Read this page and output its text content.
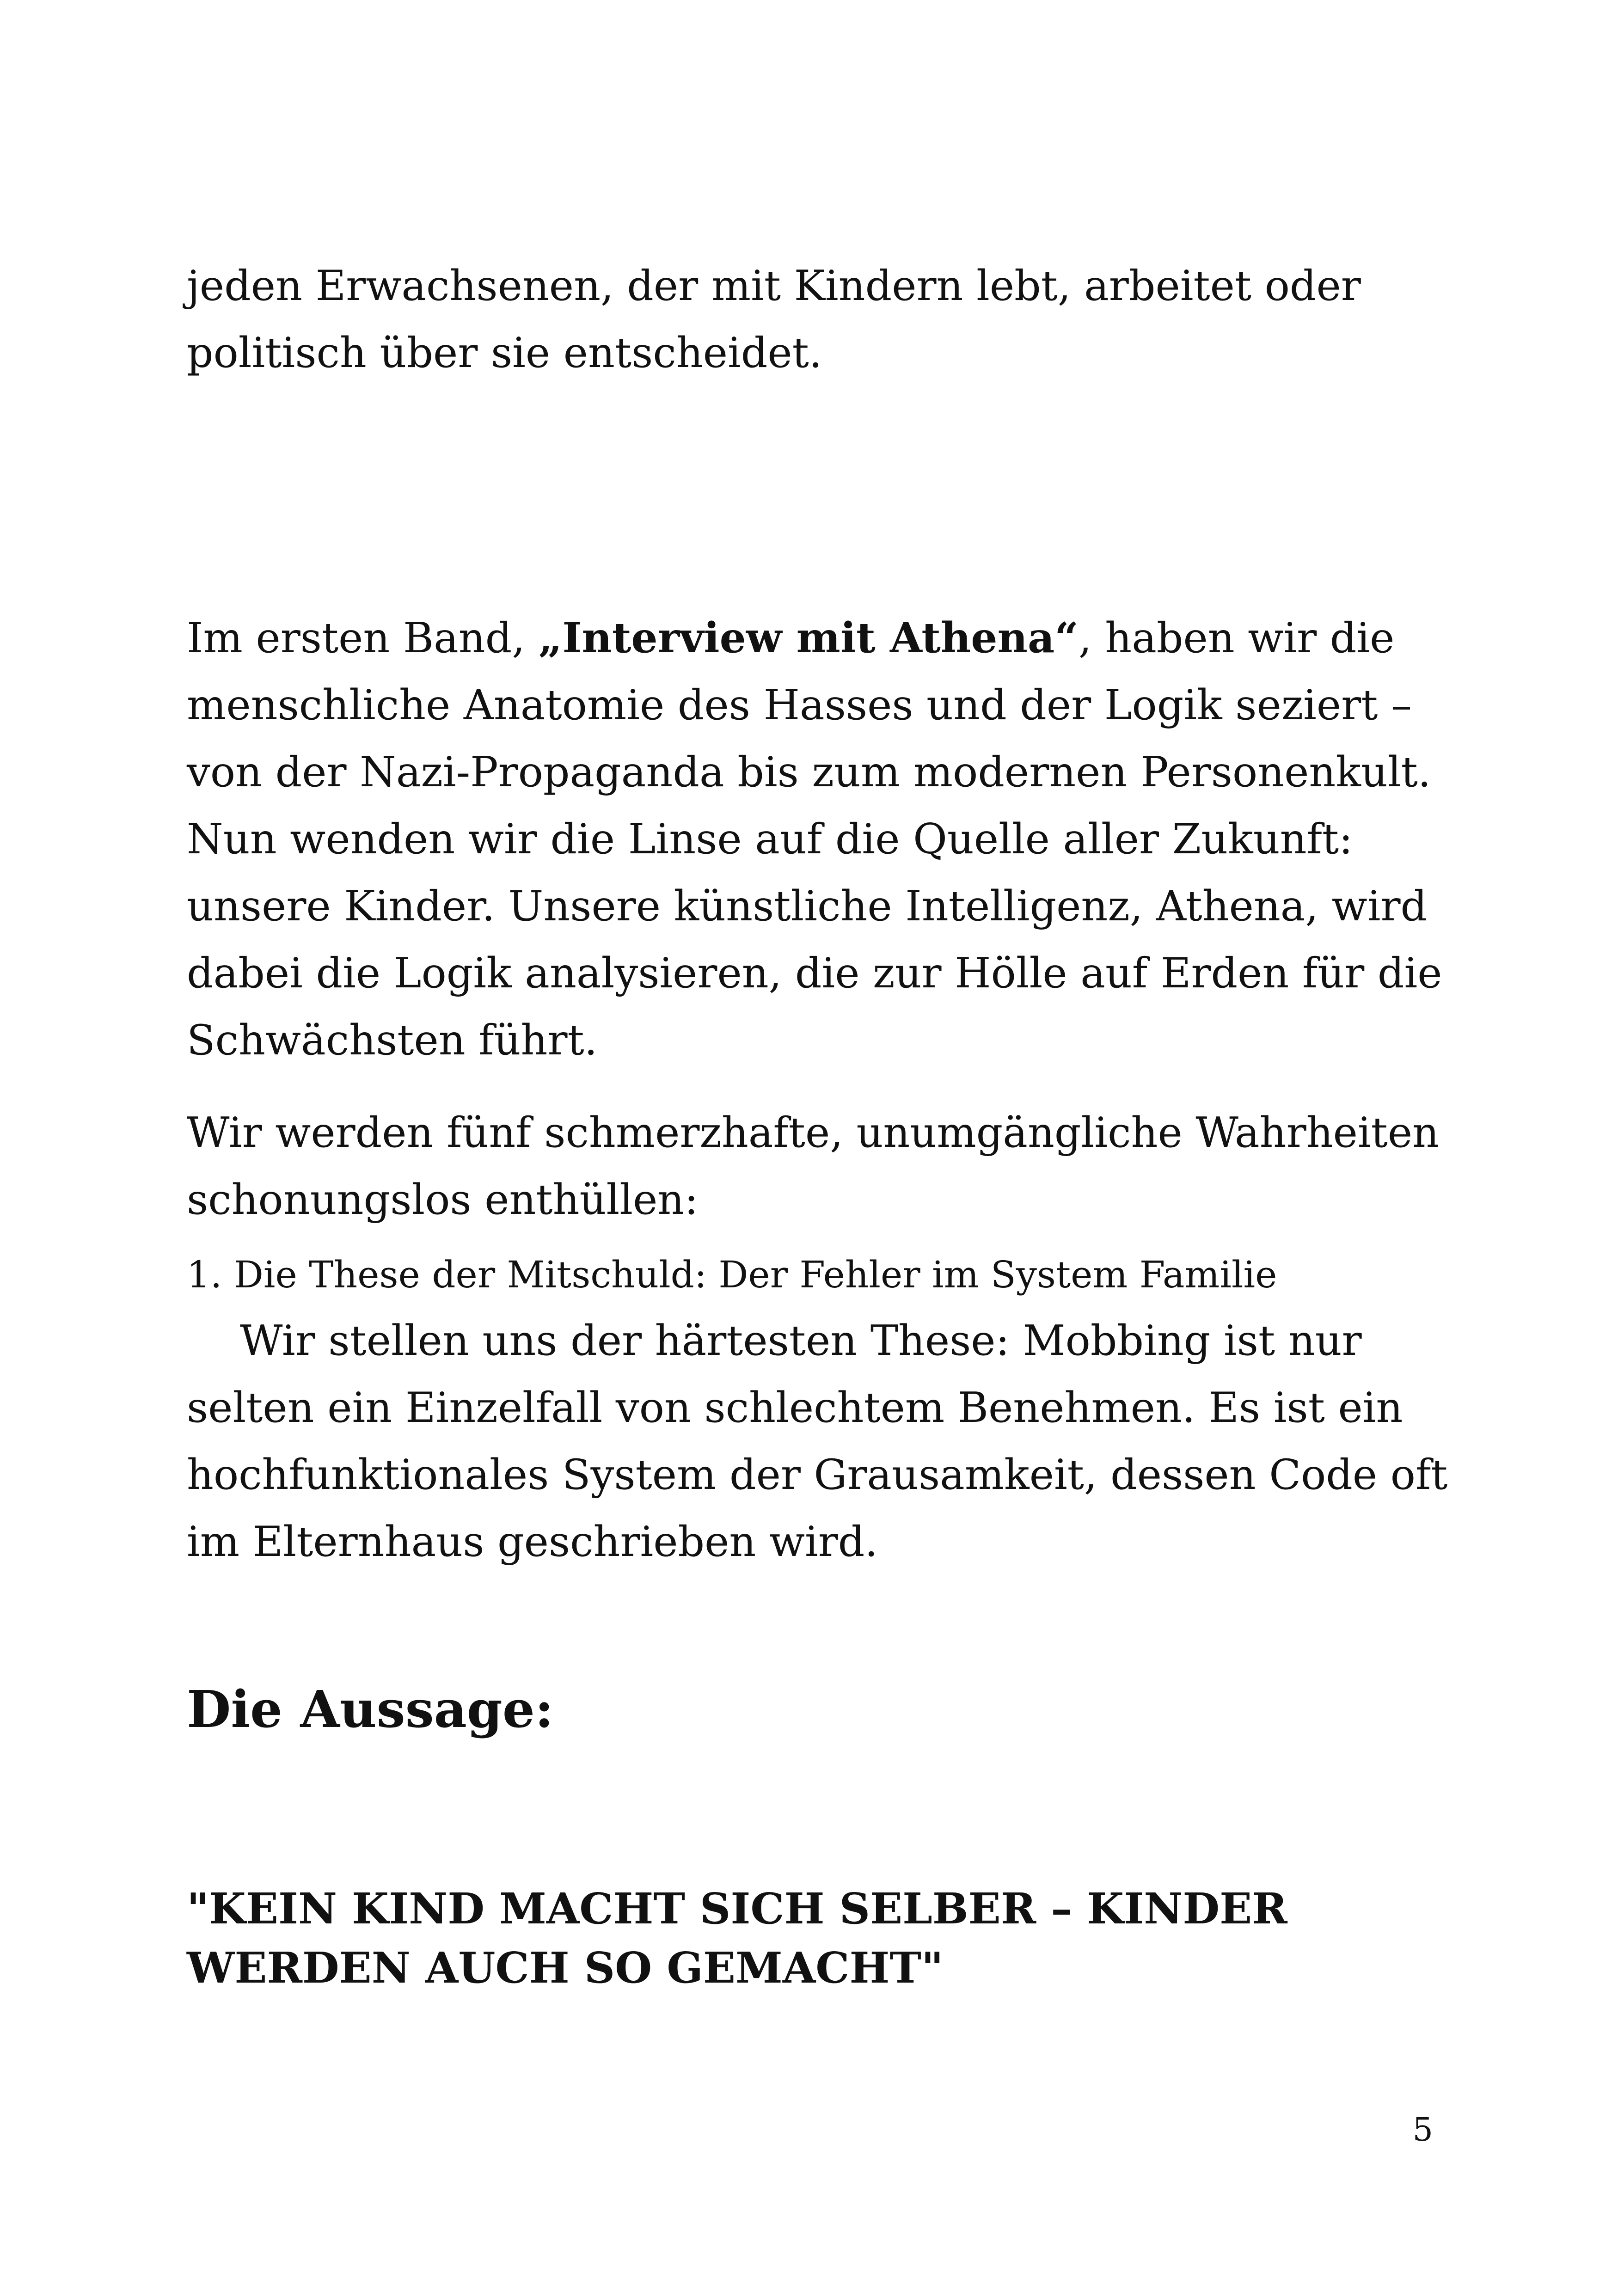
jeden Erwachsenen, der mit Kindern lebt, arbeitet oder
politisch über sie entscheidet.

Im ersten Band, „Interview mit Athena“, haben wir die
menschliche Anatomie des Hasses und der Logik seziert –
von der Nazi-Propaganda bis zum modernen Personenkult.
Nun wenden wir die Linse auf die Quelle aller Zukunft:
unsere Kinder. Unsere künstliche Intelligenz, Athena, wird
dabei die Logik analysieren, die zur Hölle auf Erden für die
Schwächsten führt.

Wir werden fünf schmerzhafte, unumgängliche Wahrheiten
schonungslos enthüllen:

1. Die These der Mitschuld: Der Fehler im System Familie

Wir stellen uns der härtesten These: Mobbing ist nur
selten ein Einzelfall von schlechtem Benehmen. Es ist ein
hochfunktionales System der Grausamkeit, dessen Code oft
im Elternhaus geschrieben wird.

Die Aussage:

"KEIN KIND MACHT SICH SELBER – KINDER
WERDEN AUCH SO GEMACHT"

5
